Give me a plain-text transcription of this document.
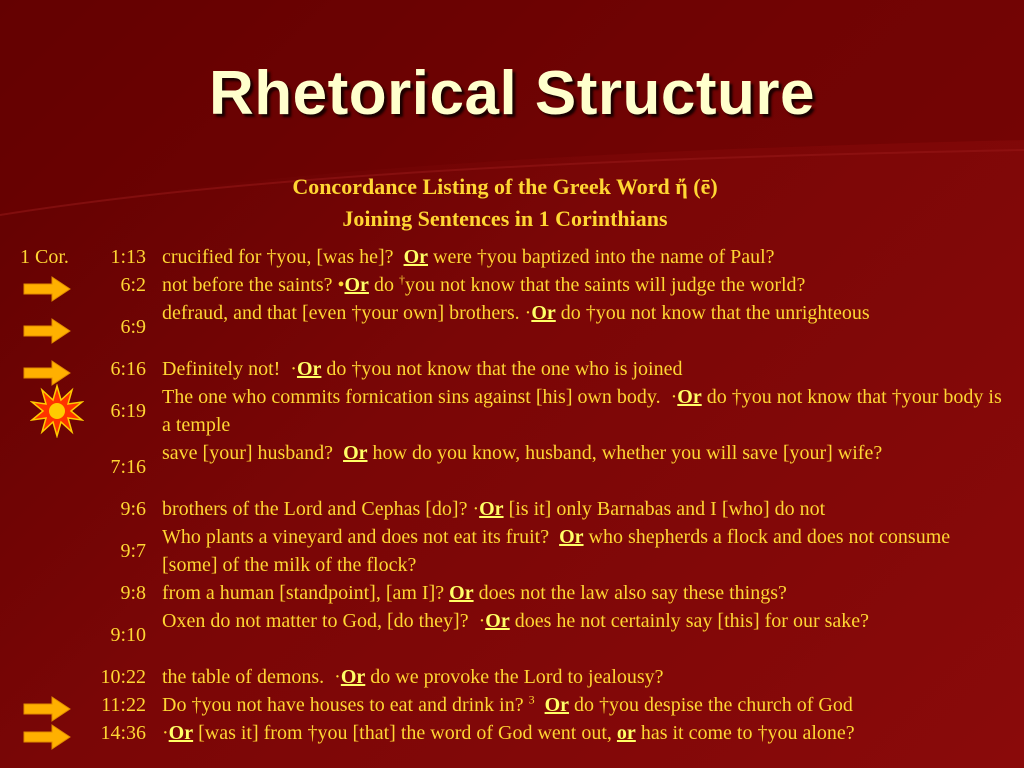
Rhetorical Structure
Concordance Listing of the Greek Word ἤ (ē)
Joining Sentences in 1 Corinthians
1 Cor.	1:13 crucified for †you, [was he]?  Or were †you baptized into the name of Paul?
6:2 not before the saints? •Or do †you not know that the saints will judge the world?
6:9
defraud, and that [even †your own] brothers. ·Or do †you not know that the unrighteous
6:16 Definitely not!  ·Or do †you not know that the one who is joined
6:19
The one who commits fornication sins against [his] own body.  ·Or do †you not know that †your body is a temple
7:16
save [your] husband?  Or how do you know, husband, whether you will save [your] wife?
9:6 brothers of the Lord and Cephas [do]? ·Or [is it] only Barnabas and I [who] do not
9:7
Who plants a vineyard and does not eat its fruit?  Or who shepherds a flock and does not consume [some] of the milk of the flock?
9:8 from a human [standpoint], [am I]? Or does not the law also say these things?
9:10
Oxen do not matter to God, [do they]?  ·Or does he not certainly say [this] for our sake?
10:22 the table of demons.  ·Or do we provoke the Lord to jealousy?
11:22 Do †you not have houses to eat and drink in? $^3$ Or do †you despise the church of God
14:36 ·Or [was it] from †you [that] the word of God went out, or has it come to †you alone?
